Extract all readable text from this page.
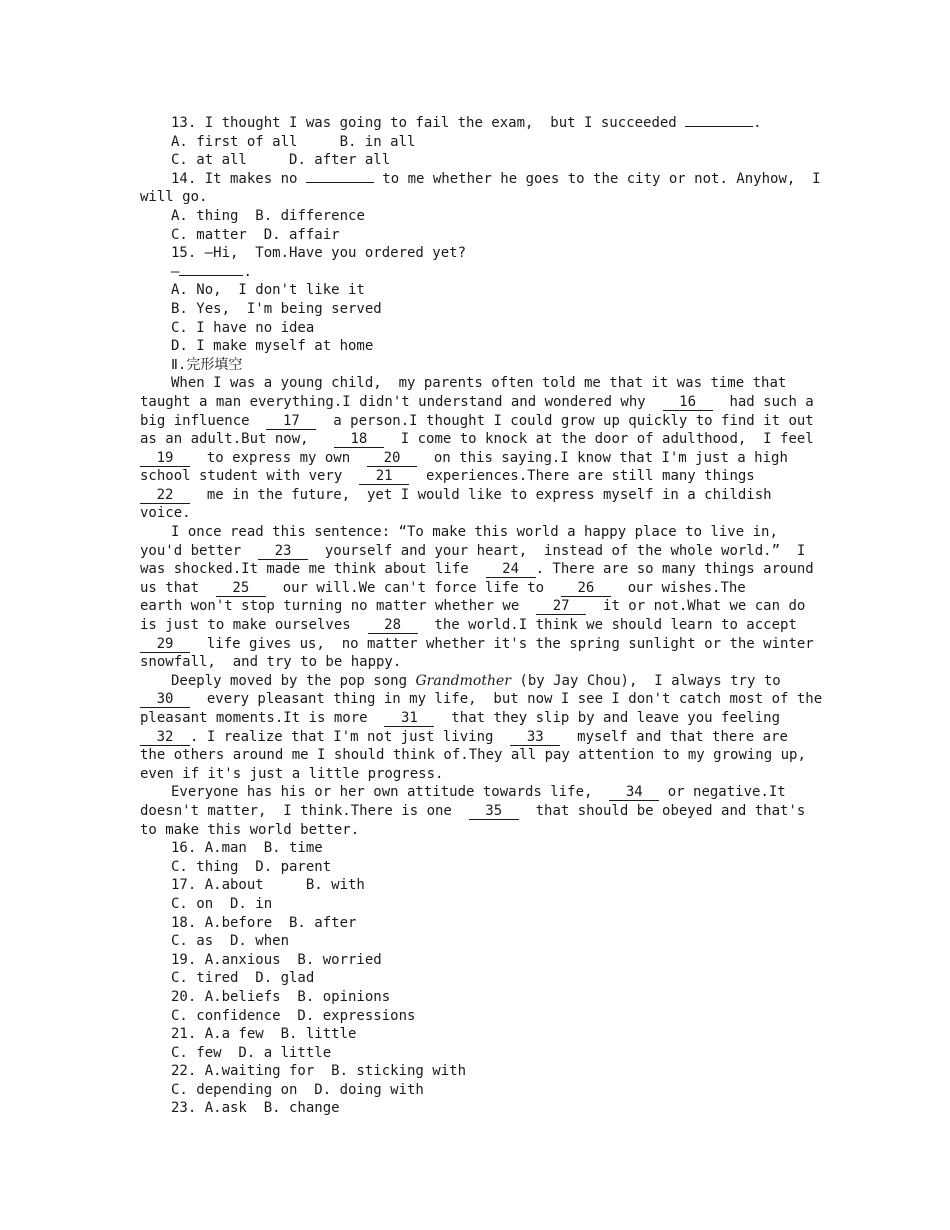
13. I thought I was going to fail the exam,  but I succeeded	.
A. first of all	B. in all
C. at all	D. after all
14. It makes no	to me whether he goes to the city or not. Anyhow,  I
will go.
A. thing B. difference
C. matter D. affair
15. —Hi,  Tom.Have you ordered yet?
—	.
A. No,  I don't like it
B. Yes,  I'm being served
C. I have no idea
D. I make myself at home
Ⅱ.完形填空
When I was a young child,  my parents often told me that it was time that
taught a man everything.I didn't understand and wondered why  16  had such a
big influence  17  a person.I thought I could grow up quickly to find it out
as an adult.But now,   18  I come to knock at the door of adulthood,  I feel
19  to express my own  20  on this saying.I know that I'm just a high
school student with very  21  experiences.There are still many things
22  me in the future,  yet I would like to express myself in a childish
voice.
I once read this sentence: “To make this world a happy place to live in,
you'd better  23  yourself and your heart,  instead of the whole world.”  I
was shocked.It made me think about life  24 . There are so many things around
us that  25  our will.We can't force life to  26  our wishes.The
earth won't stop turning no matter whether we  27  it or not.What we can do
is just to make ourselves  28  the world.I think we should learn to accept
29  life gives us,  no matter whether it's the spring sunlight or the winter
snowfall,  and try to be happy.
Deeply moved by the pop song Grandmother (by Jay Chou),  I always try to
30  every pleasant thing in my life,  but now I see I don't catch most of the
pleasant moments.It is more  31  that they slip by and leave you feeling
32 . I realize that I'm not just living  33  myself and that there are
the others around me I should think of.They all pay attention to my growing up,
even if it's just a little progress.
Everyone has his or her own attitude towards life,  34 or negative.It
doesn't matter,  I think.There is one  35  that should be obeyed and that's
to make this world better.
16. A.man  B. time
C. thing  D. parent
17. A.about     B. with
C. on  D. in
18. A.before  B. after
C. as  D. when
19. A.anxious  B. worried
C. tired  D. glad
20. A.beliefs  B. opinions
C. confidence  D. expressions
21. A.a few  B. little
C. few  D. a little
22. A.waiting for  B. sticking with
C. depending on  D. doing with
23. A.ask  B. change
